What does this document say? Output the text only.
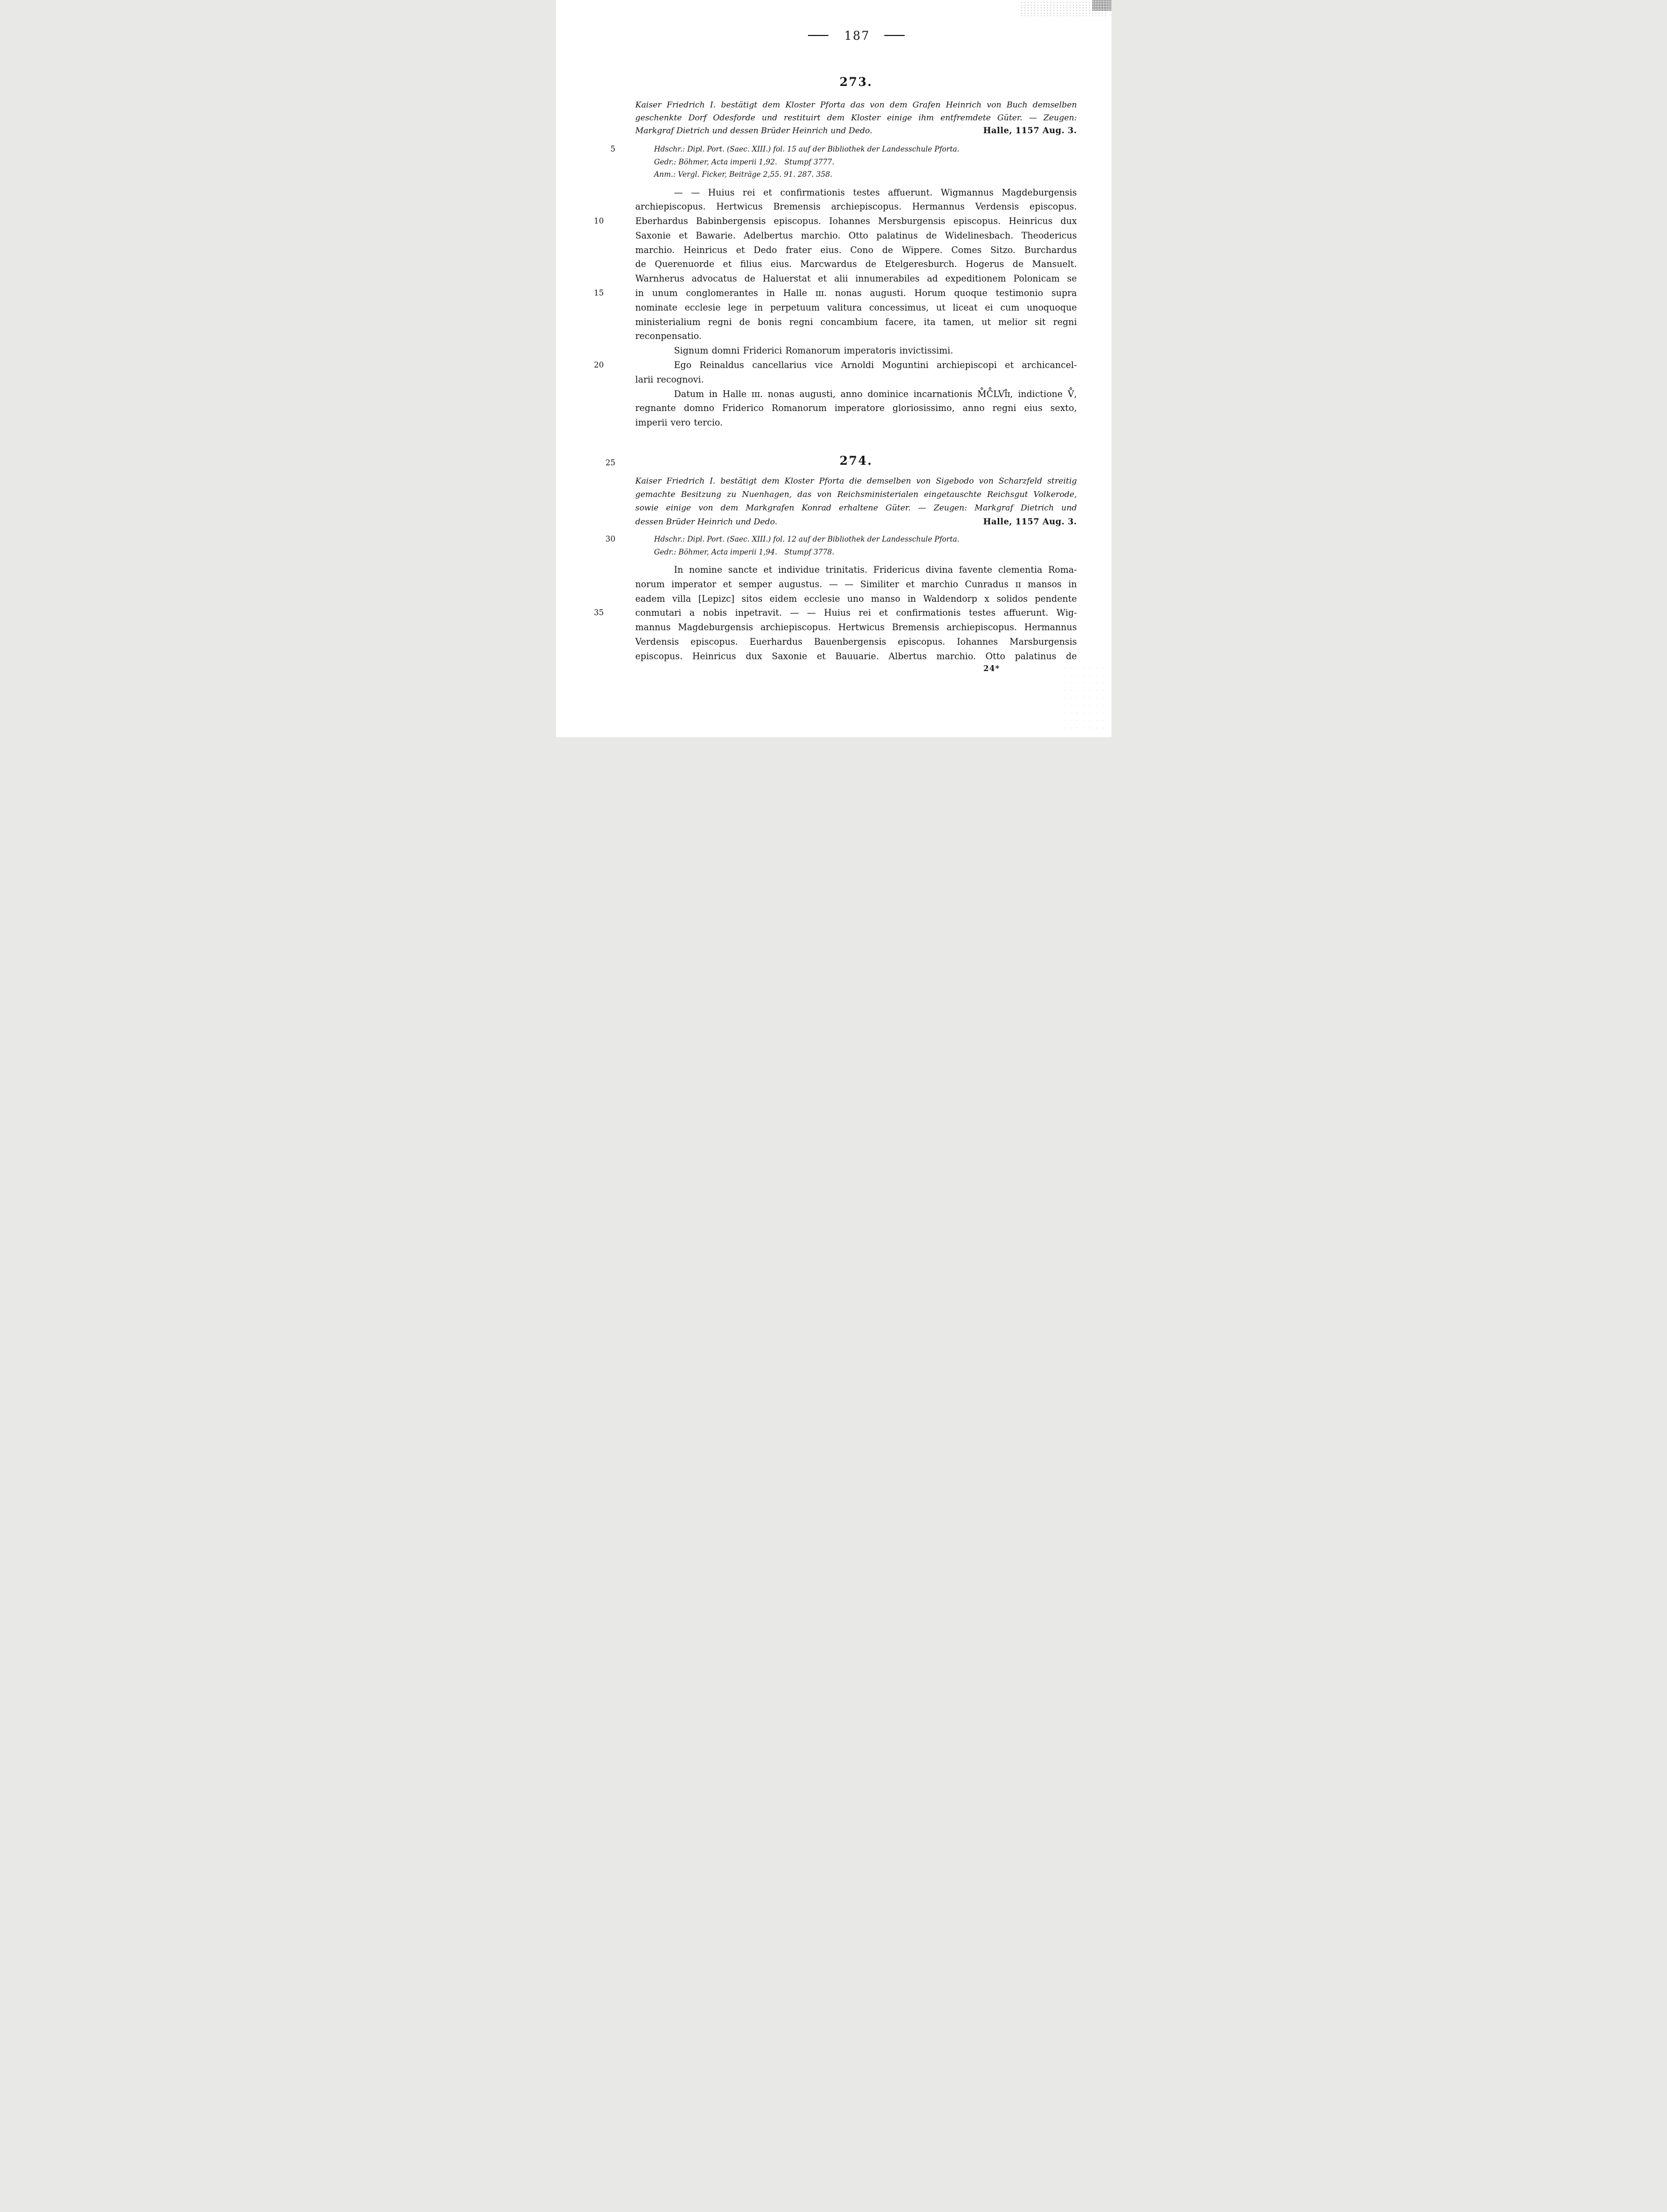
187
273.
Kaiser Friedrich I. bestätigt dem Kloster Pforta das von dem Grafen Heinrich von Buch demselben
geschenkte Dorf Odesforde und restituirt dem Kloster einige ihm entfremdete Güter. — Zeugen:
Markgraf Dietrich und dessen Brüder Heinrich und Dedo.	Halle, 1157 Aug. 3.
5	Hdschr.: Dipl. Port. (Saec. XIII.) fol. 15 auf der Bibliothek der Landesschule Pforta.
Gedr.: Böhmer, Acta imperii 1,92. Stumpf 3777.
Anm.: Vergl. Ficker, Beiträge 2,55. 91. 287. 358.
— — Huius rei et confirmationis testes affuerunt. Wigmannus Magdeburgensis
archiepiscopus. Hertwicus Bremensis archiepiscopus. Hermannus Verdensis episcopus.
10	Eberhardus Babinbergensis episcopus. Iohannes Mersburgensis episcopus. Heinricus dux
Saxonie et Bawarie. Adelbertus marchio. Otto palatinus de Widelinesbach. Theodericus
marchio. Heinricus et Dedo frater eius. Cono de Wippere. Comes Sitzo. Burchardus
de Querenuorde et filius eius. Marcwardus de Etelgeresburch. Hogerus de Mansuelt.
Warnherus advocatus de Haluerstat et alii innumerabiles ad expeditionem Polonicam se
15	in unum conglomerantes in Halle ɪɪɪ. nonas augusti. Horum quoque testimonio supra
nominate ecclesie lege in perpetuum valitura concessimus, ut liceat ei cum unoquoque
ministerialium regni de bonis regni concambium facere, ita tamen, ut melior sit regni
reconpensatio.
Signum domni Friderici Romanorum imperatoris invictissimi.
20	Ego Reinaldus cancellarius vice Arnoldi Moguntini archiepiscopi et archicancel-
larii recognovi.
Datum in Halle ɪɪɪ. nonas augusti, anno dominice incarnationis M̊C̊LVɪ̊ɪ, indictione V̊,
regnante domno Friderico Romanorum imperatore gloriosissimo, anno regni eius sexto,
imperii vero tercio.
25	274.
Kaiser Friedrich I. bestätigt dem Kloster Pforta die demselben von Sigebodo von Scharzfeld streitig
gemachte Besitzung zu Nuenhagen, das von Reichsministerialen eingetauschte Reichsgut Volkerode,
sowie einige von dem Markgrafen Konrad erhaltene Güter. — Zeugen: Markgraf Dietrich und
dessen Brüder Heinrich und Dedo.	Halle, 1157 Aug. 3.
30	Hdschr.: Dipl. Port. (Saec. XIII.) fol. 12 auf der Bibliothek der Landesschule Pforta.
Gedr.: Böhmer, Acta imperii 1,94. Stumpf 3778.
In nomine sancte et individue trinitatis. Fridericus divina favente clementia Roma-
norum imperator et semper augustus. — — Similiter et marchio Cunradus ɪɪ mansos in
eadem villa [Lepizc] sitos eidem ecclesie uno manso in Waldendorp x solidos pendente
35	conmutari a nobis inpetravit. — — Huius rei et confirmationis testes affuerunt. Wig-
mannus Magdeburgensis archiepiscopus. Hertwicus Bremensis archiepiscopus. Hermannus
Verdensis episcopus. Euerhardus Bauenbergensis episcopus. Iohannes Marsburgensis
episcopus. Heinricus dux Saxonie et Bauuarie. Albertus marchio. Otto palatinus de
24*
